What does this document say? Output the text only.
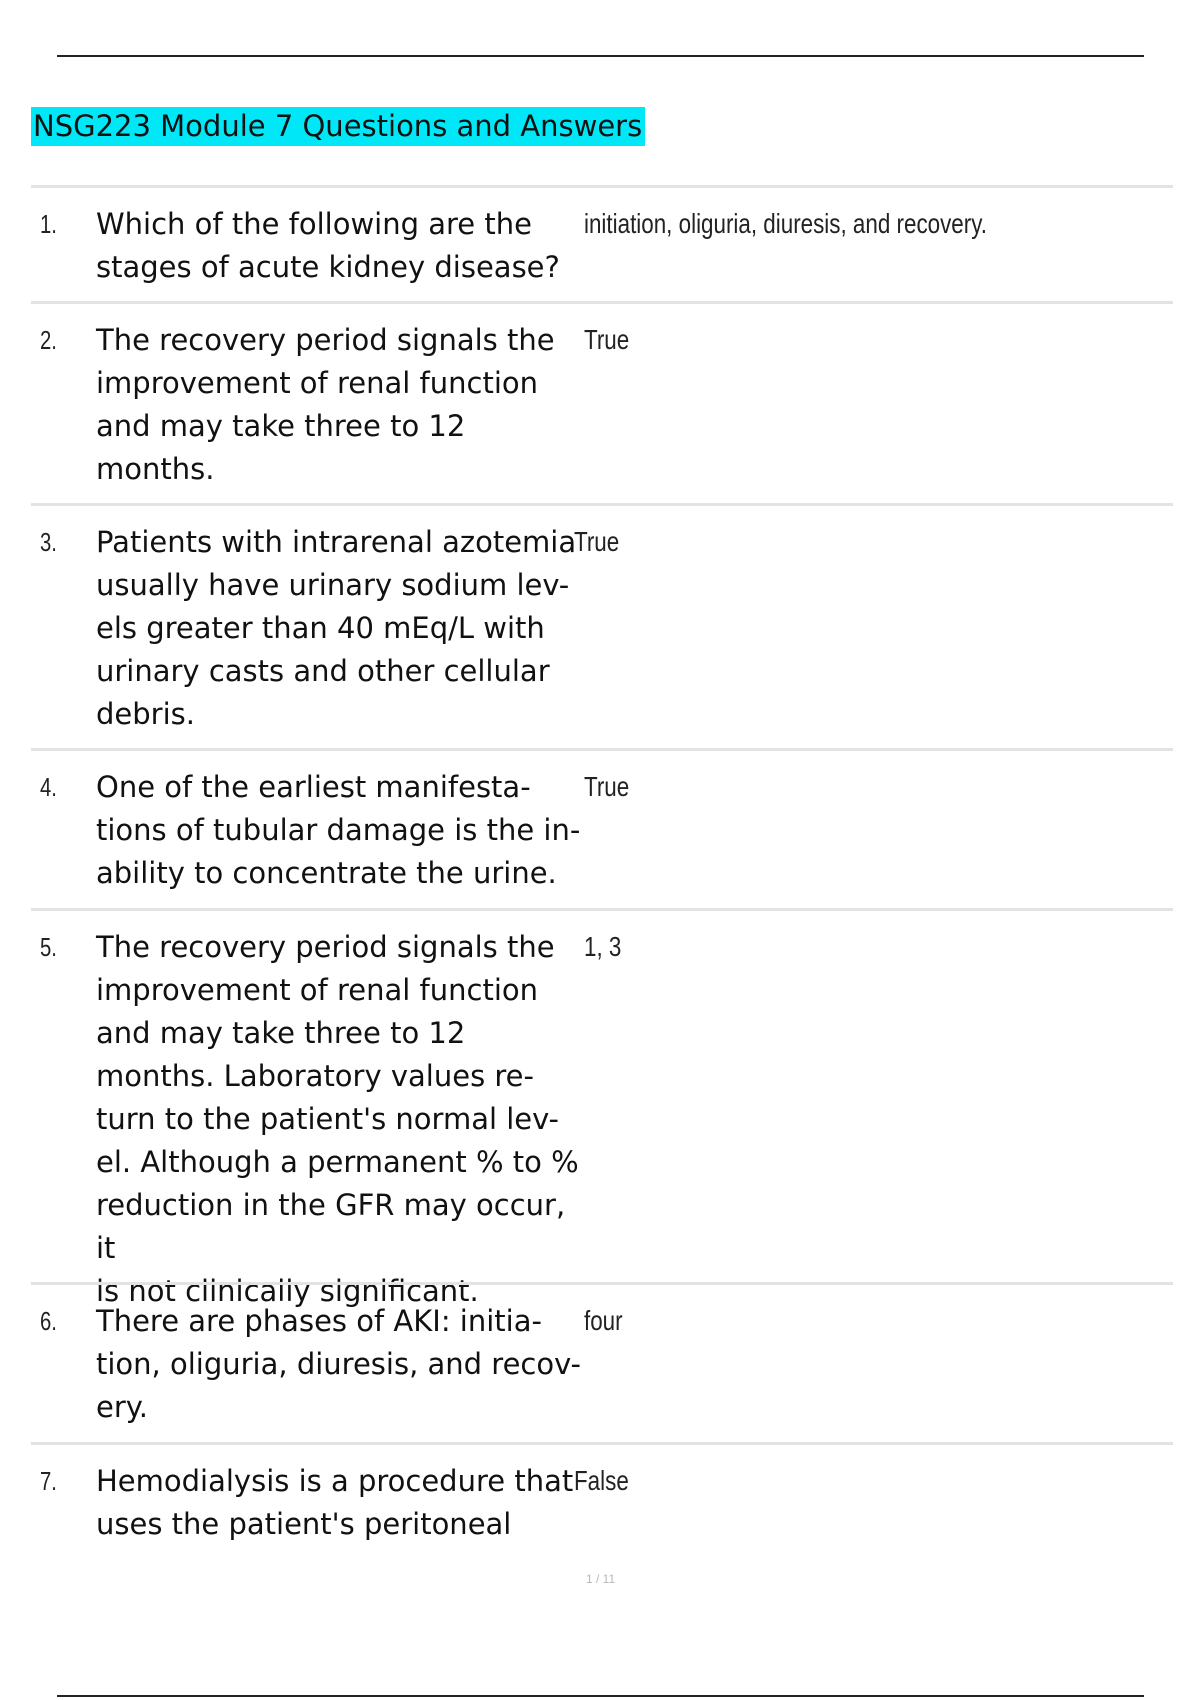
NSG223 Module 7 Questions and Answers
1. Which of the following are the
stages of acute kidney disease?
initiation, oliguria, diuresis, and recovery.
2. The recovery period signals the
improvement of renal function
and may take three to 12
months.
True
3. Patients with intrarenal azotemia
usually have urinary sodium lev-
els greater than 40 mEq/L with
urinary casts and other cellular
debris.
True
4. One of the earliest manifesta-
tions of tubular damage is the in-
ability to concentrate the urine.
True
5. The recovery period signals the
improvement of renal function
and may take three to 12
months. Laboratory values re-
turn to the patient's normal lev-
el. Although a permanent % to %
reduction in the GFR may occur, it
is not clinically significant.
1, 3
6. There are phases of AKI: initia-
tion, oliguria, diuresis, and recov-
ery.
four
7. Hemodialysis is a procedure that
uses the patient's peritoneal
False
1 / 11
